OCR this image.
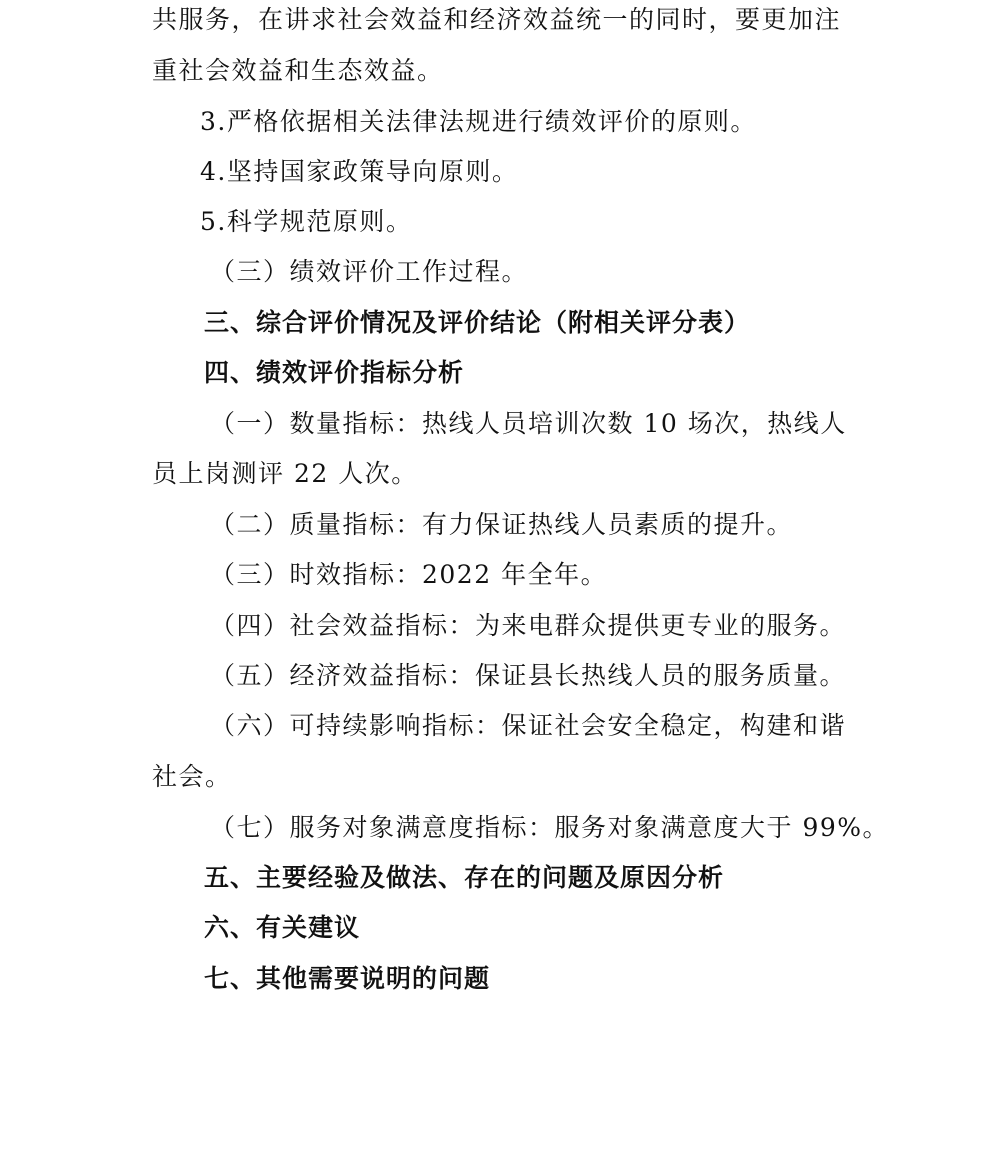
共服务，在讲求社会效益和经济效益统一的同时，要更加注
重社会效益和生态效益。
3.严格依据相关法律法规进行绩效评价的原则。
4.坚持国家政策导向原则。
5.科学规范原则。
（三）绩效评价工作过程。
三、综合评价情况及评价结论（附相关评分表）
四、绩效评价指标分析
（一）数量指标：热线人员培训次数 10 场次，热线人
员上岗测评 22 人次。
（二）质量指标：有力保证热线人员素质的提升。
（三）时效指标：2022 年全年。
（四）社会效益指标：为来电群众提供更专业的服务。
（五）经济效益指标：保证县长热线人员的服务质量。
（六）可持续影响指标：保证社会安全稳定，构建和谐
社会。
（七）服务对象满意度指标：服务对象满意度大于 99%。
五、主要经验及做法、存在的问题及原因分析
六、有关建议
七、其他需要说明的问题
